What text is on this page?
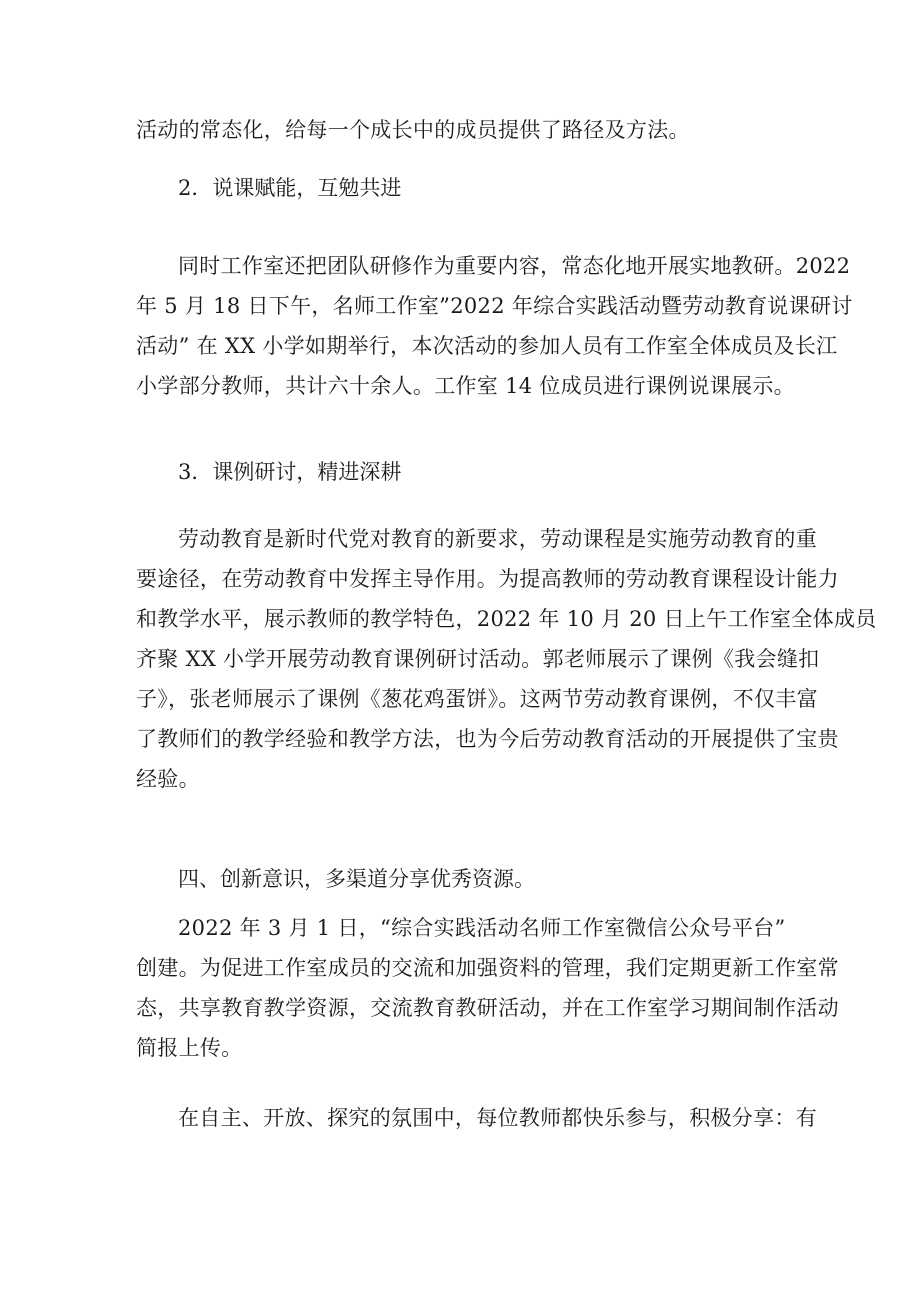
活动的常态化，给每一个成长中的成员提供了路径及方法。
2．说课赋能，互勉共进
同时工作室还把团队研修作为重要内容，常态化地开展实地教研。2022
年 5 月 18 日下午，名师工作室”2022 年综合实践活动暨劳动教育说课研讨
活动” 在 XX 小学如期举行，本次活动的参加人员有工作室全体成员及长江
小学部分教师，共计六十余人。工作室 14 位成员进行课例说课展示。
3．课例研讨，精进深耕
劳动教育是新时代党对教育的新要求，劳动课程是实施劳动教育的重
要途径，在劳动教育中发挥主导作用。为提高教师的劳动教育课程设计能力
和教学水平，展示教师的教学特色，2022 年 10 月 20 日上午工作室全体成员
齐聚 XX 小学开展劳动教育课例研讨活动。郭老师展示了课例《我会缝扣
子》，张老师展示了课例《葱花鸡蛋饼》。这两节劳动教育课例，不仅丰富
了教师们的教学经验和教学方法，也为今后劳动教育活动的开展提供了宝贵
经验。
四、创新意识，多渠道分享优秀资源。
2022 年 3 月 1 日，“综合实践活动名师工作室微信公众号平台”
创建。为促进工作室成员的交流和加强资料的管理，我们定期更新工作室常
态，共享教育教学资源，交流教育教研活动，并在工作室学习期间制作活动
简报上传。
在自主、开放、探究的氛围中，每位教师都快乐参与，积极分享：有
